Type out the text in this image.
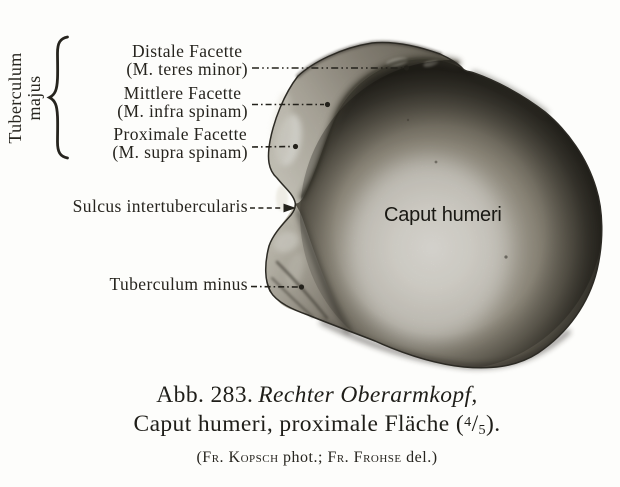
Tuberculum majus
Distale Facette
(M. teres minor)
Mittlere Facette
(M. infra spinam)
Proximale Facette
(M. supra spinam)
Sulcus intertubercularis
Tuberculum minus
Caput humeri
Abb. 283. Rechter Oberarmkopf,
Caput humeri, proximale Fläche ($^4$/5).
(Fr. Kopsch phot.; Fr. Frohse del.)
